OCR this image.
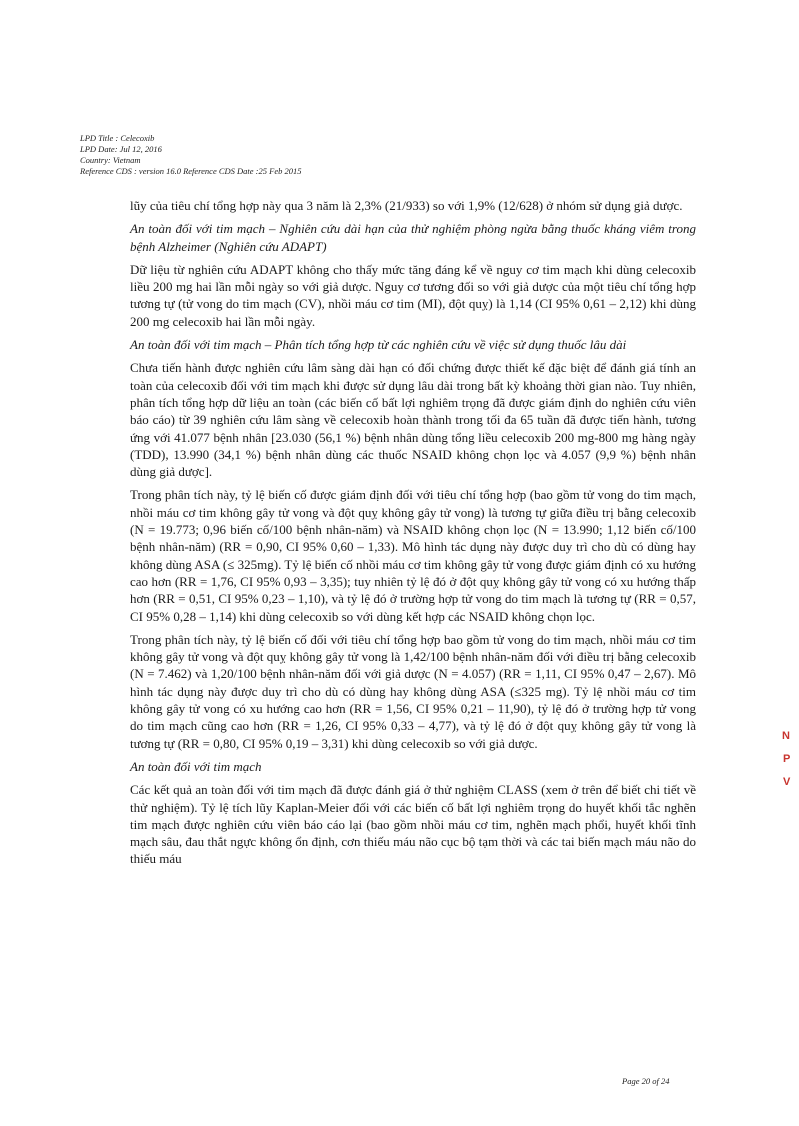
LPD Title : Celecoxib
LPD Date: Jul 12, 2016
Country: Vietnam
Reference CDS : version 16.0 Reference CDS Date :25 Feb 2015

lũy của tiêu chí tổng hợp này qua 3 năm là 2,3% (21/933) so với 1,9% (12/628) ở nhóm sử dụng giả dược.

An toàn đối với tim mạch – Nghiên cứu dài hạn của thử nghiệm phòng ngừa bằng thuốc kháng viêm trong bệnh Alzheimer (Nghiên cứu ADAPT)

Dữ liệu từ nghiên cứu ADAPT không cho thấy mức tăng đáng kể về nguy cơ tim mạch khi dùng celecoxib liều 200 mg hai lần mỗi ngày so với giả dược. Nguy cơ tương đối so với giả dược của một tiêu chí tổng hợp tương tự (tử vong do tim mạch (CV), nhồi máu cơ tim (MI), đột quỵ) là 1,14 (CI 95% 0,61 – 2,12) khi dùng 200 mg celecoxib hai lần mỗi ngày.

An toàn đối với tim mạch – Phân tích tổng hợp từ các nghiên cứu về việc sử dụng thuốc lâu dài

Chưa tiến hành được nghiên cứu lâm sàng dài hạn có đối chứng được thiết kế đặc biệt để đánh giá tính an toàn của celecoxib đối với tim mạch khi được sử dụng lâu dài trong bất kỳ khoảng thời gian nào. Tuy nhiên, phân tích tổng hợp dữ liệu an toàn (các biến cố bất lợi nghiêm trọng đã được giám định do nghiên cứu viên báo cáo) từ 39 nghiên cứu lâm sàng về celecoxib hoàn thành trong tối đa 65 tuần đã được tiến hành, tương ứng với 41.077 bệnh nhân [23.030 (56,1 %) bệnh nhân dùng tổng liều celecoxib 200 mg-800 mg hàng ngày (TDD), 13.990 (34,1 %) bệnh nhân dùng các thuốc NSAID không chọn lọc và 4.057 (9,9 %) bệnh nhân dùng giả dược].

Trong phân tích này, tỷ lệ biến cố được giám định đối với tiêu chí tổng hợp (bao gồm tử vong do tim mạch, nhồi máu cơ tim không gây tử vong và đột quỵ không gây tử vong) là tương tự giữa điều trị bằng celecoxib (N = 19.773; 0,96 biến cố/100 bệnh nhân-năm) và NSAID không chọn lọc (N = 13.990; 1,12 biến cố/100 bệnh nhân-năm) (RR = 0,90, CI 95% 0,60 – 1,33). Mô hình tác dụng này được duy trì cho dù có dùng hay không dùng ASA (≤ 325mg). Tỷ lệ biến cố nhồi máu cơ tim không gây tử vong được giám định có xu hướng cao hơn (RR = 1,76, CI 95% 0,93 – 3,35); tuy nhiên tỷ lệ đó ở đột quỵ không gây tử vong có xu hướng thấp hơn (RR = 0,51, CI 95% 0,23 – 1,10), và tỷ lệ đó ở trường hợp tử vong do tim mạch là tương tự (RR = 0,57, CI 95% 0,28 – 1,14) khi dùng celecoxib so với dùng kết hợp các NSAID không chọn lọc.

Trong phân tích này, tỷ lệ biến cố đối với tiêu chí tổng hợp bao gồm tử vong do tim mạch, nhồi máu cơ tim không gây tử vong và đột quỵ không gây tử vong là 1,42/100 bệnh nhân-năm đối với điều trị bằng celecoxib (N = 7.462) và 1,20/100 bệnh nhân-năm đối với giả dược (N = 4.057) (RR = 1,11, CI 95% 0,47 – 2,67). Mô hình tác dụng này được duy trì cho dù có dùng hay không dùng ASA (≤325 mg). Tỷ lệ nhồi máu cơ tim không gây tử vong có xu hướng cao hơn (RR = 1,56, CI 95% 0,21 – 11,90), tỷ lệ đó ở trường hợp tử vong do tim mạch cũng cao hơn (RR = 1,26, CI 95% 0,33 – 4,77), và tỷ lệ đó ở đột quỵ không gây tử vong là tương tự (RR = 0,80, CI 95% 0,19 – 3,31) khi dùng celecoxib so với giả dược.

An toàn đối với tim mạch

Các kết quả an toàn đối với tim mạch đã được đánh giá ở thử nghiệm CLASS (xem ở trên để biết chi tiết về thử nghiệm). Tỷ lệ tích lũy Kaplan-Meier đối với các biến cố bất lợi nghiêm trọng do huyết khối tắc nghẽn tim mạch được nghiên cứu viên báo cáo lại (bao gồm nhồi máu cơ tim, nghẽn mạch phổi, huyết khối tĩnh mạch sâu, đau thắt ngực không ổn định, cơn thiếu máu não cục bộ tạm thời và các tai biến mạch máu não do thiếu máu

Page 20 of 24
N
P
V
